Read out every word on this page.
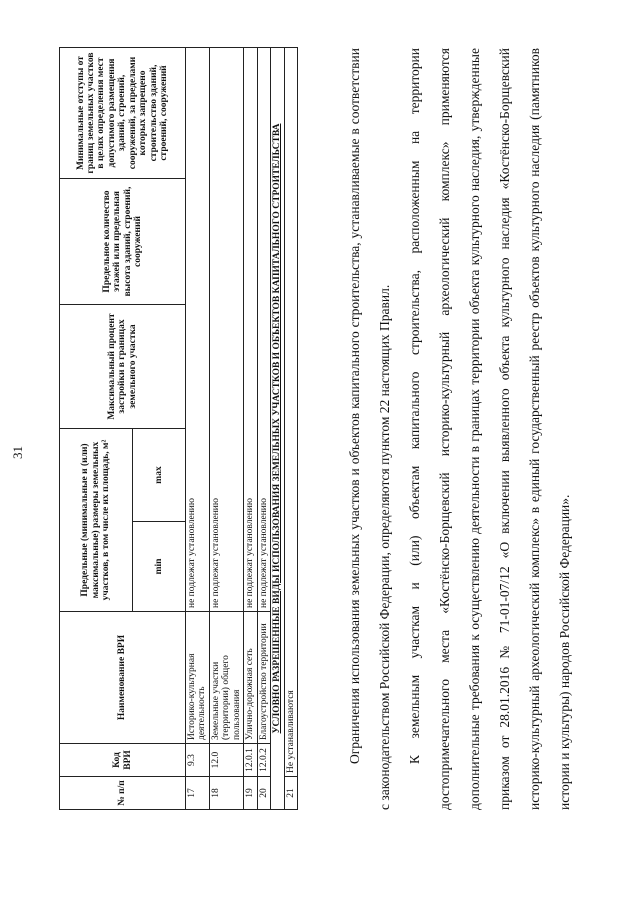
31
№ п/п	Код ВРИ	Наименование ВРИ	Предельные (минимальные и (или) максимальные) размеры земельных участков, в том числе их площадь, м²		Максимальный процент застройки в границах земельного участка	Предельное количество этажей или предельная высота зданий, строений, сооружений	Минимальные отступы от границ земельных участков в целях определения мест допустимого размещения зданий, строений, сооружений, за пределами которых запрещено строительство зданий, строений, сооружений
			min	max			
17	9.3	Историко-культурная деятельность	не подлежат установлению				
18	12.0	Земельные участки (территории) общего пользования	не подлежат установлению				
19	12.0.1	Улично-дорожная сеть	не подлежат установлению				
20	12.0.2	Благоустройство территории	не подлежат установлению				
УСЛОВНО РАЗРЕШЕННЫЕ ВИДЫ ИСПОЛЬЗОВАНИЯ ЗЕМЕЛЬНЫХ УЧАСТКОВ И ОБЪЕКТОВ КАПИТАЛЬНОГО СТРОИТЕЛЬСТВА							
21	Не устанавливаются							Ограничения использования земельных участков и объектов капитального строительства, устанавливаемые в соответствии с законодательством Российской Федерации, определяются пунктом 22 настоящих Правил.	К земельным участкам и (или) объектам капитального строительства, расположенным на территории достопримечательного места «Костёнско-Борщевский историко-культурный археологический комплекс» применяются дополнительные требования к осуществлению деятельности в границах территории объекта культурного наследия, утвержденные приказом от 28.01.2016 № 71-01-07/12 «О включении выявленного объекта культурного наследия «Костёнско-Борщевский историко-культурный археологический комплекс» в единый государственный реестр объектов культурного наследия (памятников истории и культуры) народов Российской Федерации».
